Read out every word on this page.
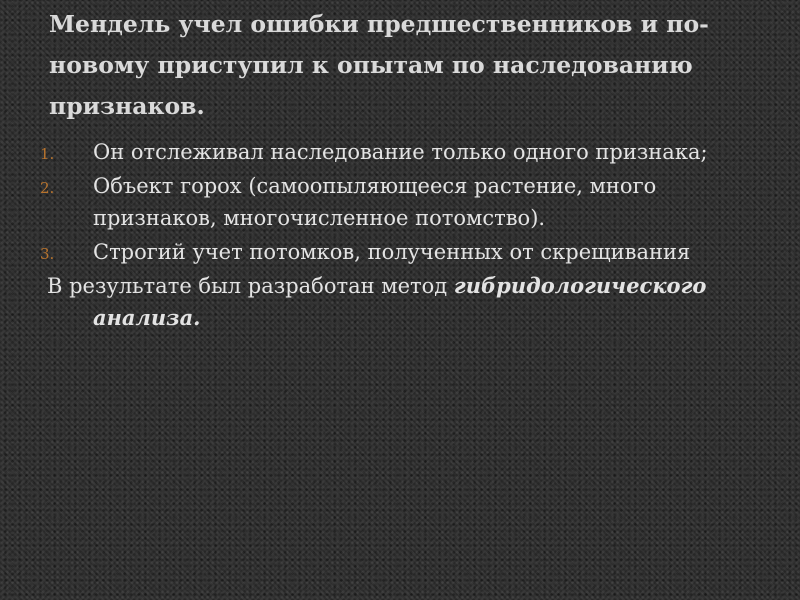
Мендель учел ошибки предшественников и по-новому приступил к опытам по наследованию признаков.
1. Он отслеживал наследование только одного признака;
2. Объект горох (самоопыляющееся растение, много признаков, многочисленное потомство).
3. Строгий учет потомков, полученных от скрещивания

В результате был разработан метод гибридологического анализа.
